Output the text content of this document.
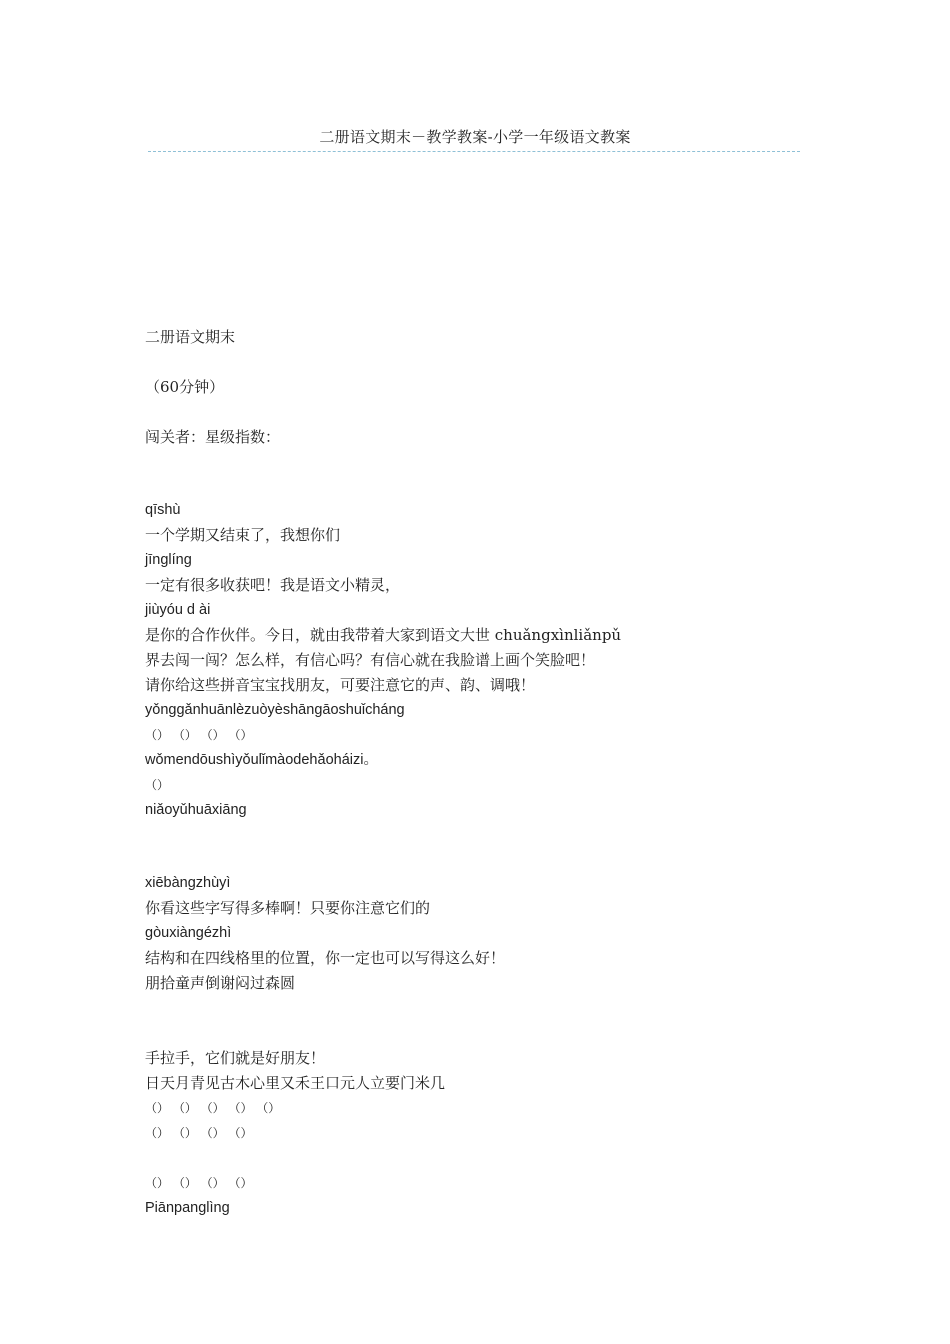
二册语文期末－教学教案-小学一年级语文教案
二册语文期末
（60分钟）
闯关者：星级指数：
qīshù
一个学期又结束了，我想你们
jīnglíng
一定有很多收获吧！我是语文小精灵，
jiùyóu d ài
是你的合作伙伴。今日，就由我带着大家到语文大世 chuǎngxìnliǎnpǔ
界去闯一闯？怎么样，有信心吗？有信心就在我脸谱上画个笑脸吧！
请你给这些拼音宝宝找朋友，可要注意它的声、韵、调哦！
yǒnggǎnhuānlèzuòyèshāngāoshuǐcháng
（） （） （） （）
wǒmendōushìyǒulǐmàodehǎoháizi。
（）
niǎoyǔhuāxiāng
xiēbàngzhùyì
你看这些字写得多棒啊！只要你注意它们的
gòuxiàngézhì
结构和在四线格里的位置，你一定也可以写得这么好！
朋拾童声倒谢闷过森圆
手拉手，它们就是好朋友！
日天月青见古木心里又禾王口元人立要门米几
（） （） （） （） （）
（） （） （） （）
（） （） （） （）
Piānpanglìng
